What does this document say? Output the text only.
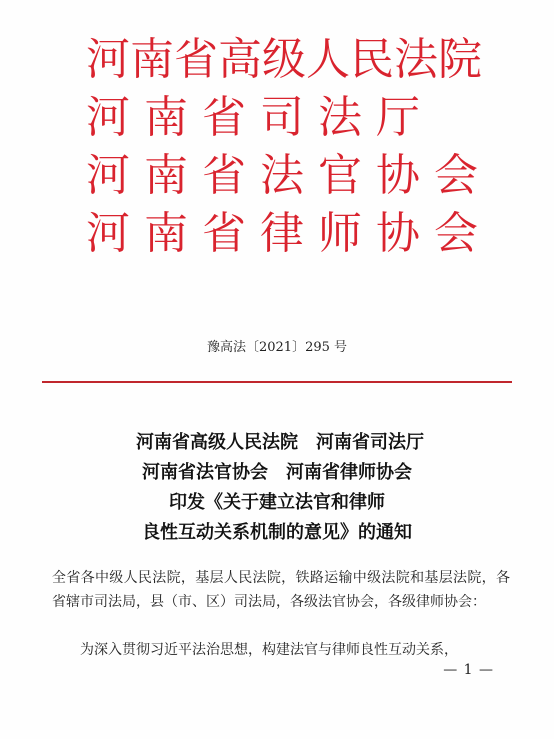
河南省高级人民法院
河南省司法厅
河南省法官协会
河南省律师协会
豫高法〔2021〕295 号
河南省高级人民法院　河南省司法厅
河南省法官协会　河南省律师协会
印发《关于建立法官和律师
良性互动关系机制的意见》的通知
全省各中级人民法院，基层人民法院，铁路运输中级法院和基层法院，各省辖市司法局，县（市、区）司法局，各级法官协会，各级律师协会：
为深入贯彻习近平法治思想，构建法官与律师良性互动关系，
— 1 —
